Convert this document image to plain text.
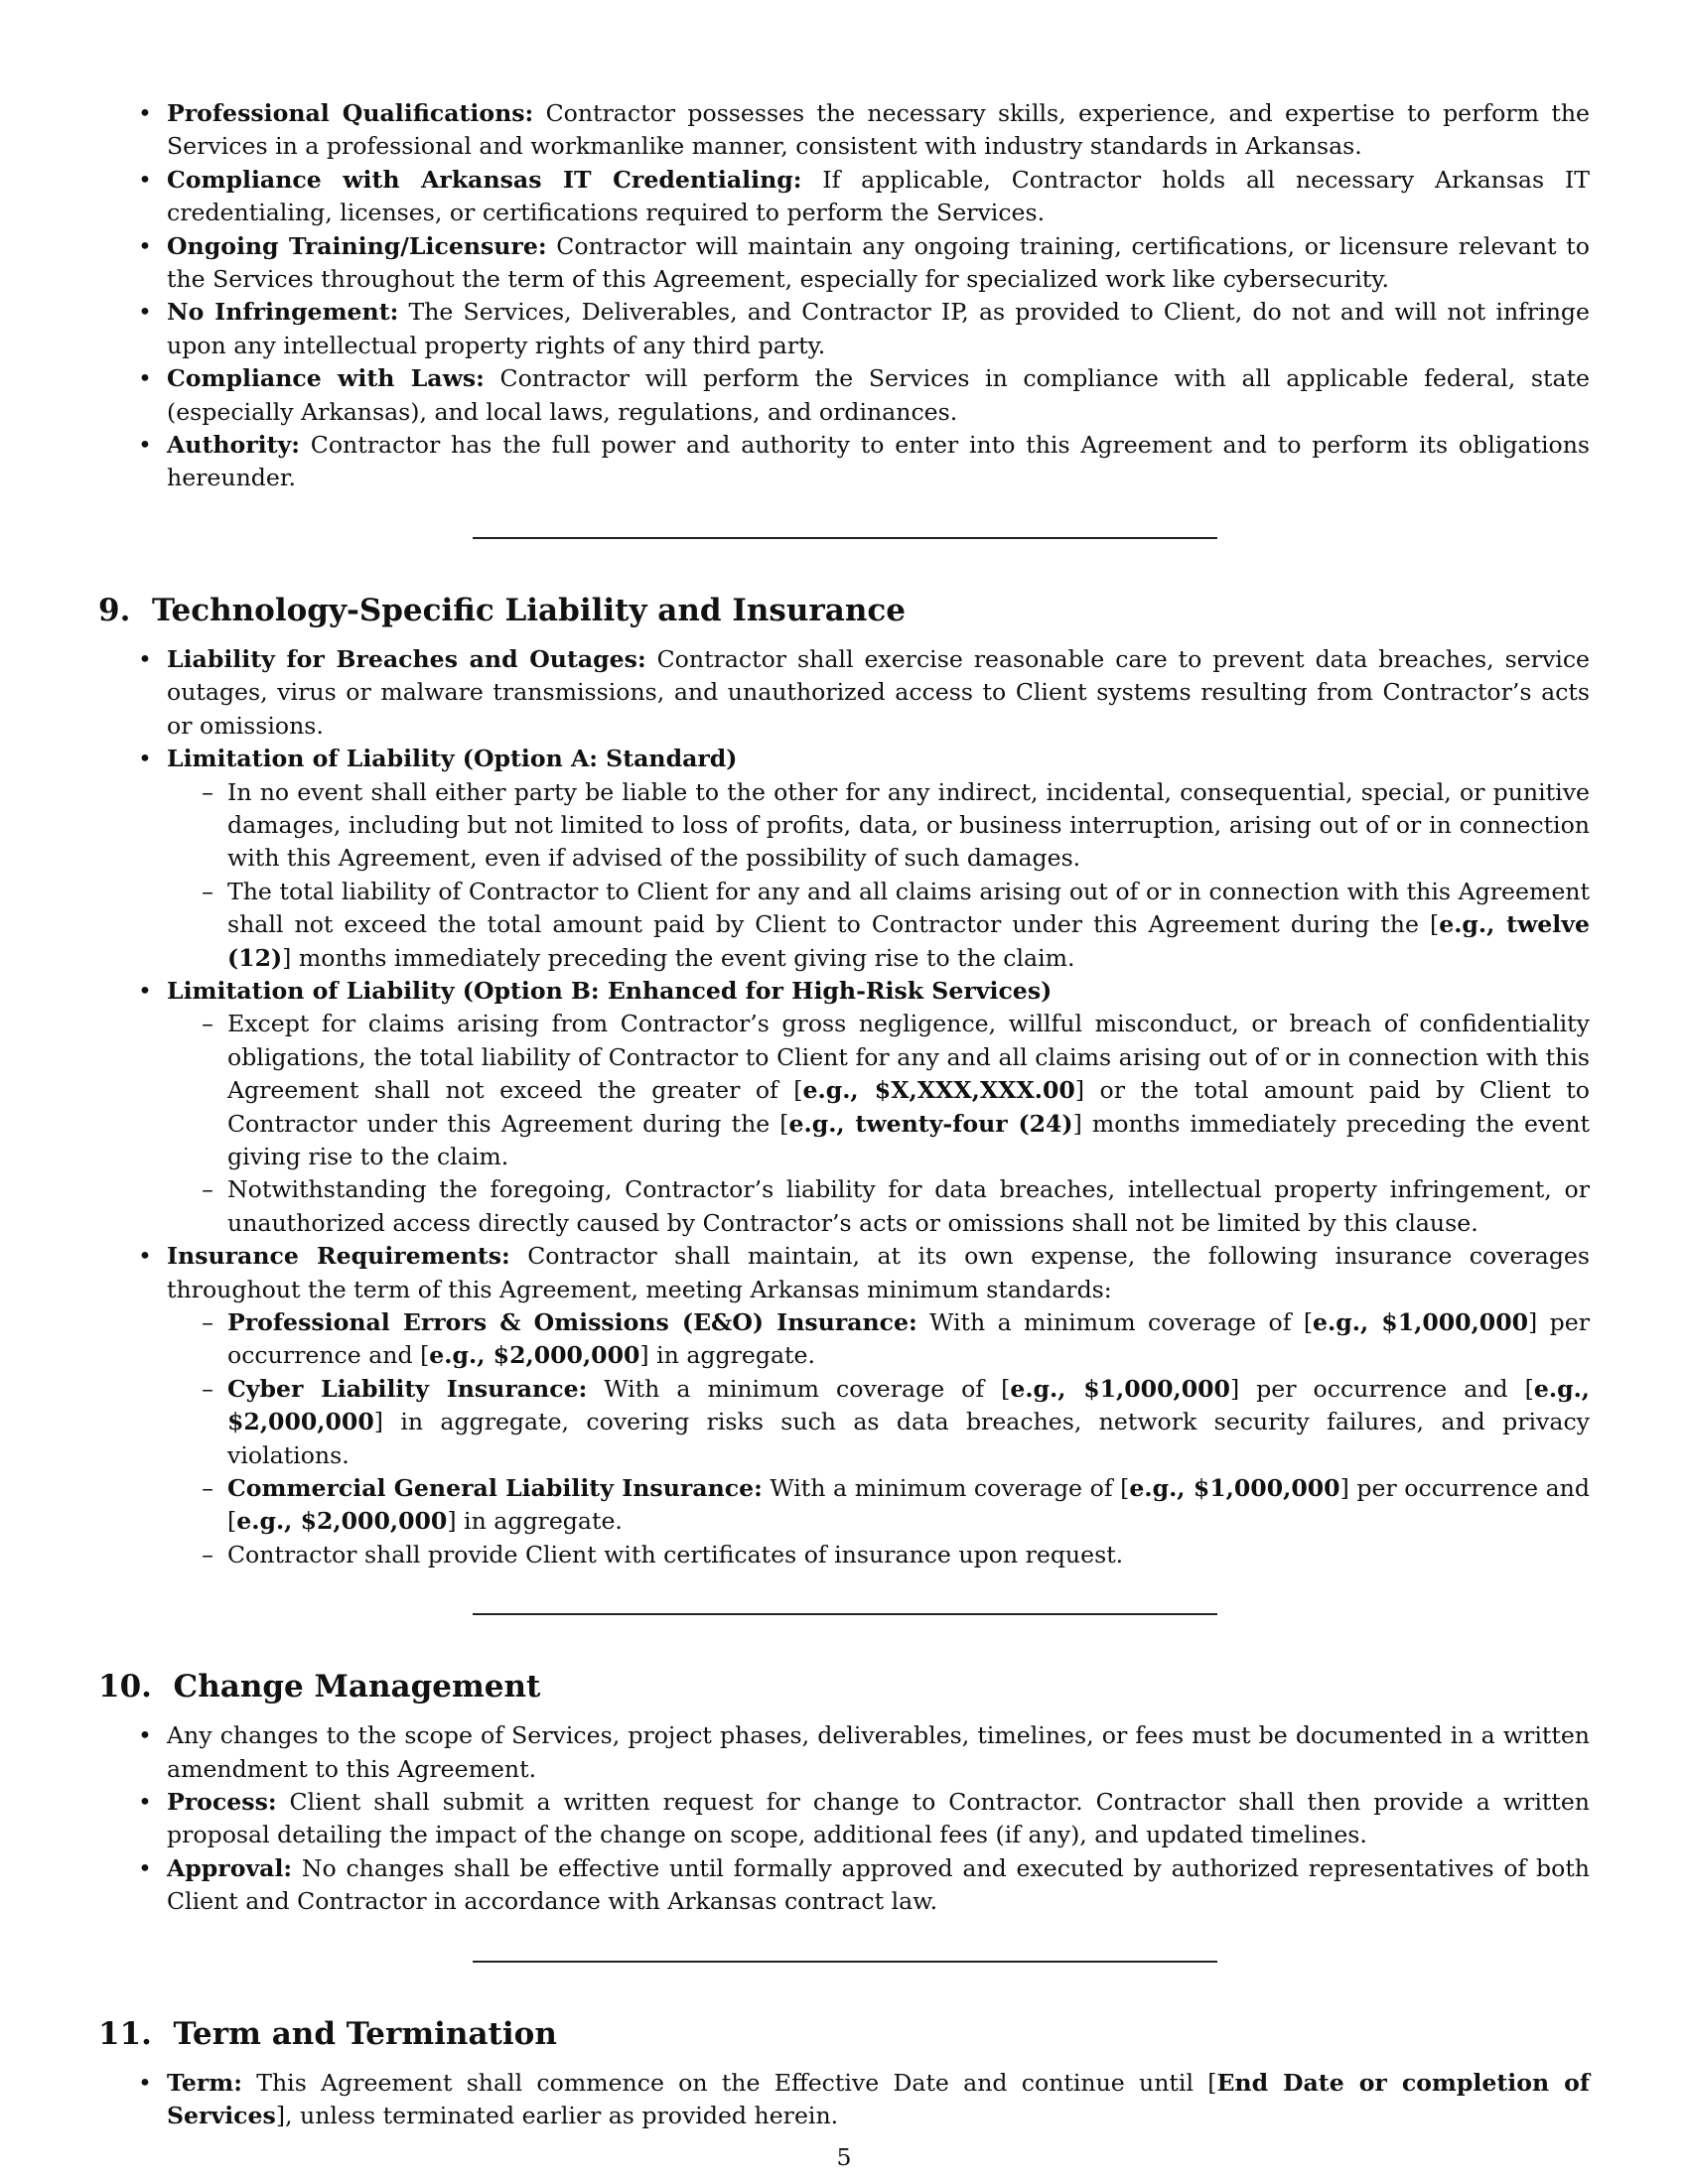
• Professional Qualifications: Contractor possesses the necessary skills, experience, and expertise to perform the Services in a professional and workmanlike manner, consistent with industry standards in Arkansas.
• Compliance with Arkansas IT Credentialing: If applicable, Contractor holds all necessary Arkansas IT credentialing, licenses, or certifications required to perform the Services.
• Ongoing Training/Licensure: Contractor will maintain any ongoing training, certifications, or licensure relevant to the Services throughout the term of this Agreement, especially for specialized work like cybersecurity.
• No Infringement: The Services, Deliverables, and Contractor IP, as provided to Client, do not and will not infringe upon any intellectual property rights of any third party.
• Compliance with Laws: Contractor will perform the Services in compliance with all applicable federal, state (especially Arkansas), and local laws, regulations, and ordinances.
• Authority: Contractor has the full power and authority to enter into this Agreement and to perform its obligations hereunder.
9. Technology-Specific Liability and Insurance
• Liability for Breaches and Outages: Contractor shall exercise reasonable care to prevent data breaches, service outages, virus or malware transmissions, and unauthorized access to Client systems resulting from Contractor’s acts or omissions.
• Limitation of Liability (Option A: Standard)
– In no event shall either party be liable to the other for any indirect, incidental, consequential, special, or punitive damages, including but not limited to loss of profits, data, or business interruption, arising out of or in connection with this Agreement, even if advised of the possibility of such damages.
– The total liability of Contractor to Client for any and all claims arising out of or in connection with this Agreement shall not exceed the total amount paid by Client to Contractor under this Agreement during the [e.g., twelve (12)] months immediately preceding the event giving rise to the claim.
• Limitation of Liability (Option B: Enhanced for High-Risk Services)
– Except for claims arising from Contractor’s gross negligence, willful misconduct, or breach of confidentiality obligations, the total liability of Contractor to Client for any and all claims arising out of or in connection with this Agreement shall not exceed the greater of [e.g., $X,XXX,XXX.00] or the total amount paid by Client to Contractor under this Agreement during the [e.g., twenty-four (24)] months immediately preceding the event giving rise to the claim.
– Notwithstanding the foregoing, Contractor’s liability for data breaches, intellectual property infringement, or unauthorized access directly caused by Contractor’s acts or omissions shall not be limited by this clause.
• Insurance Requirements: Contractor shall maintain, at its own expense, the following insurance coverages throughout the term of this Agreement, meeting Arkansas minimum standards:
– Professional Errors & Omissions (E&O) Insurance: With a minimum coverage of [e.g., $1,000,000] per occurrence and [e.g., $2,000,000] in aggregate.
– Cyber Liability Insurance: With a minimum coverage of [e.g., $1,000,000] per occurrence and [e.g., $2,000,000] in aggregate, covering risks such as data breaches, network security failures, and privacy violations.
– Commercial General Liability Insurance: With a minimum coverage of [e.g., $1,000,000] per occurrence and [e.g., $2,000,000] in aggregate.
– Contractor shall provide Client with certificates of insurance upon request.
10. Change Management
• Any changes to the scope of Services, project phases, deliverables, timelines, or fees must be documented in a written amendment to this Agreement.
• Process: Client shall submit a written request for change to Contractor. Contractor shall then provide a written proposal detailing the impact of the change on scope, additional fees (if any), and updated timelines.
• Approval: No changes shall be effective until formally approved and executed by authorized representatives of both Client and Contractor in accordance with Arkansas contract law.
11. Term and Termination
• Term: This Agreement shall commence on the Effective Date and continue until [End Date or completion of Services], unless terminated earlier as provided herein.
5
